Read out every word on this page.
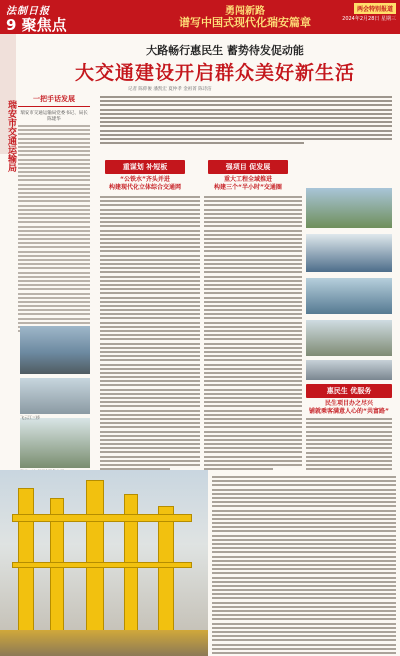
法制日报
9 聚焦点
勇闯新路
谱写中国式现代化瑞安篇章
两会特别报道
2024年2月28日 星期三
瑞安市交通运输局
大路畅行惠民生 蓄势待发促动能
大交通建设开启群众美好新生活
记者 陈仰俊 潘凯宏 夏仲孝 金祖菁 陈诗洁
一把手话发展
瑞安市交通运输局党委书记、局长 陈建华
飞云江三桥
重谋划 补短板
“公铁水”齐头并进
构建现代化立体综合交通网
强项目 促发展
重大工程全域推进
构建三个“半小时”交通圈
惠民生 优服务
民生项目办之尽兴
铺就乘客满意人心的“共富路”
